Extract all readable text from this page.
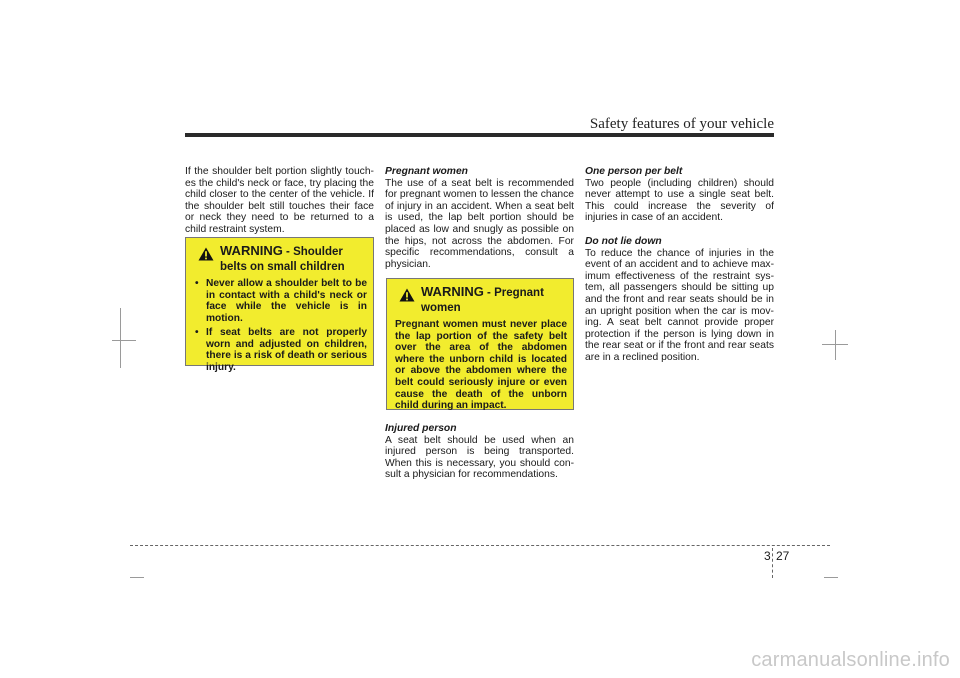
Safety features of your vehicle

If the shoulder belt portion slightly touch- es the child's neck or face, try placing the child closer to the center of the vehicle. If the shoulder belt still touches their face or neck they need to be returned to a child restraint system.

WARNING - Shoulder belts on small children
• Never allow a shoulder belt to be in contact with a child's neck or face while the vehicle is in motion.
• If seat belts are not properly worn and adjusted on children, there is a risk of death or serious injury.

Pregnant women

The use of a seat belt is recommended for pregnant women to lessen the chance of injury in an accident. When a seat belt is used, the lap belt portion should be placed as low and snugly as possible on the hips, not across the abdomen. For specific recommendations, consult a physician.

WARNING - Pregnant women

Pregnant women must never place the lap portion of the safety belt over the area of the abdomen where the unborn child is located or above the abdomen where the belt could seriously injure or even cause the death of the unborn child during an impact.

Injured person

A seat belt should be used when an injured person is being transported. When this is necessary, you should con- sult a physician for recommendations.

One person per belt

Two people (including children) should never attempt to use a single seat belt. This could increase the severity of injuries in case of an accident.

Do not lie down

To reduce the chance of injuries in the event of an accident and to achieve max- imum effectiveness of the restraint sys- tem, all passengers should be sitting up and the front and rear seats should be in an upright position when the car is mov- ing. A seat belt cannot provide proper protection if the person is lying down in the rear seat or if the front and rear seats are in a reclined position.

3 27
carmanualsonline.info
